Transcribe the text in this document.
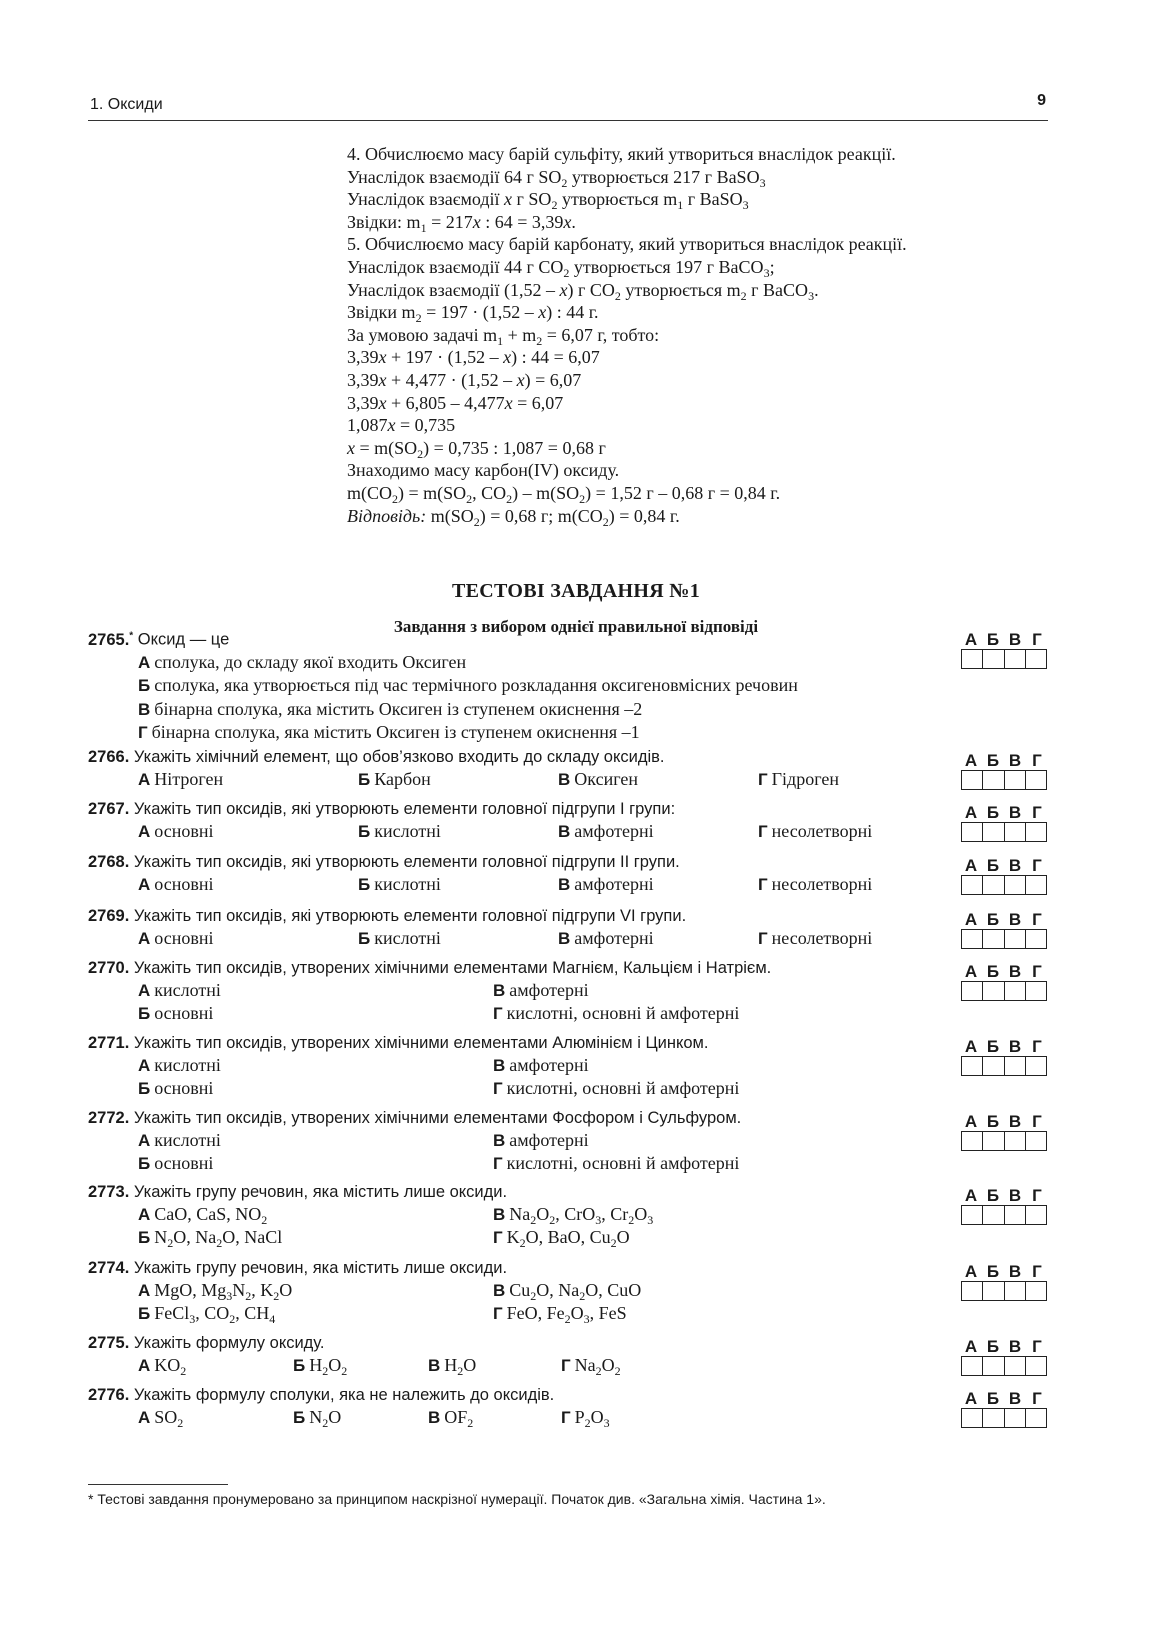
1. Оксиди	9
4. Обчислюємо масу барій сульфіту, який утвориться внаслідок реакції.
Унаслідок взаємодії 64 г $SO_2$ утворюється 217 г BaSO$_3$
Унаслідок взаємодії x г $SO_2$ утворюється $m_1$ г BaSO$_3$
Звідки: $m_1 = 217x$ : 64 = 3,39x.
5. Обчислюємо масу барій карбонату, який утвориться внаслідок реакції.
Унаслідок взаємодії 44 г $CO_2$ утворюється 197 г BaCO$_3$;
Унаслідок взаємодії (1,52 – x) г $CO_2$ утворюється $m_2$ г BaCO$_3$.
Звідки $m_2 = 197 \cdot (1,52 - x)$ : 44 г.
За умовою задачі $m_1 + m_2 = 6,07$ г, тобто:
3,39x + 197 · (1,52 – x) : 44 = 6,07
3,39x + 4,477 · (1,52 – x) = 6,07
3,39x + 6,805 – 4,477x = 6,07
1,087x = 0,735
$x = m(SO_2) = 0,735$ : 1,087 = 0,68 г
Знаходимо масу карбон(IV) оксиду.
$m(CO_2) = m(SO_2$, $CO_2) - m(SO_2) = 1,52$ г – 0,68 г = 0,84 г.
Відповідь: $m(SO_2) = 0,68$ г; $m(CO_2) = 0,84$ г.
ТЕСТОВІ ЗАВДАННЯ №1
Завдання з вибором однієї правильної відповіді
2765.* Оксид — це
А сполука, до складу якої входить Оксиген
Б сполука, яка утворюється під час термічного розкладання оксигеновмісних речовин
В бінарна сполука, яка містить Оксиген із ступенем окиснення –2
Г бінарна сполука, яка містить Оксиген із ступенем окиснення –1
А Б В Г
2766. Укажіть хімічний елемент, що обов’язково входить до складу оксидів.
А Нітроген	Б Карбон	В Оксиген	Г Гідроген
А Б В Г
2767. Укажіть тип оксидів, які утворюють елементи головної підгрупи I групи:
А основні	Б кислотні	В амфотерні	Г несолетворні
А Б В Г
2768. Укажіть тип оксидів, які утворюють елементи головної підгрупи II групи.
А основні	Б кислотні	В амфотерні	Г несолетворні
А Б В Г
2769. Укажіть тип оксидів, які утворюють елементи головної підгрупи VI групи.
А основні	Б кислотні	В амфотерні	Г несолетворні
А Б В Г
2770. Укажіть тип оксидів, утворених хімічними елементами Магнієм, Кальцієм і Натрієм.
А кислотні	В амфотерні
Б основні	Г кислотні, основні й амфотерні
А Б В Г
2771. Укажіть тип оксидів, утворених хімічними елементами Алюмінієм і Цинком.
А кислотні	В амфотерні
Б основні	Г кислотні, основні й амфотерні
А Б В Г
2772. Укажіть тип оксидів, утворених хімічними елементами Фосфором і Сульфуром.
А кислотні	В амфотерні
Б основні	Г кислотні, основні й амфотерні
А Б В Г
2773. Укажіть групу речовин, яка містить лише оксиди.
А CaO, CaS, $NO_2$	В $Na_2O_2$, CrO$_3$, $Cr_2O_3$
Б $N_2O$, $Na_2O$, NaCl	Г $K_2O$, BaO, $Cu_2O$
А Б В Г
2774. Укажіть групу речовин, яка містить лише оксиди.
А MgO, $Mg_3N_2$, $K_2O$	В $Cu_2O$, $Na_2O$, CuO
Б FeCl$_3$, $CO_2$, $CH_4$	Г FeO, $Fe_2O_3$, FeS
А Б В Г
2775. Укажіть формулу оксиду.
А $KO_2$	Б $H_2O_2$	В $H_2O$	Г $Na_2O_2$
А Б В Г
2776. Укажіть формулу сполуки, яка не належить до оксидів.
А $SO_2$	Б $N_2O$	В $OF_2$	Г $P_2O_3$
А Б В Г
* Тестові завдання пронумеровано за принципом наскрізної нумерації. Початок див. «Загальна хімія. Частина 1».
